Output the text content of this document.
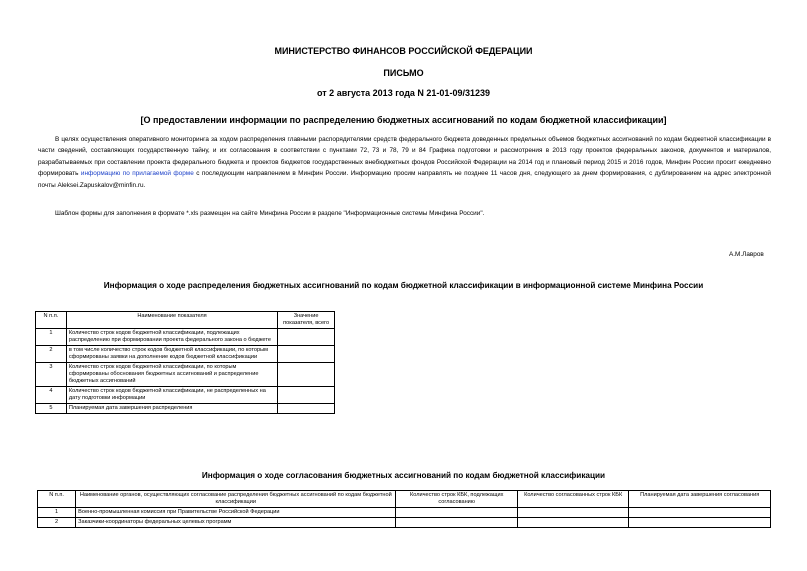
МИНИСТЕРСТВО ФИНАНСОВ РОССИЙСКОЙ ФЕДЕРАЦИИ
ПИСЬМО
от 2 августа 2013 года N 21-01-09/31239
[О предоставлении информации по распределению бюджетных ассигнований по кодам бюджетной классификации]
В целях осуществления оперативного мониторинга за ходом распределения главными распорядителями средств федерального бюджета доведенных предельных объемов бюджетных ассигнований по кодам бюджетной классификации в части сведений, составляющих государственную тайну, и их согласования в соответствии с пунктами 72, 73 и 78, 79 и 84 Графика подготовки и рассмотрения в 2013 году проектов федеральных законов, документов и материалов, разрабатываемых при составлении проекта федерального бюджета и проектов бюджетов государственных внебюджетных фондов Российской Федерации на 2014 год и плановый период 2015 и 2016 годов, Минфин России просит ежедневно формировать информацию по прилагаемой форме с последующим направлением в Минфин России. Информацию просим направлять не позднее 11 часов дня, следующего за днем формирования, с дублированием на адрес электронной почты Aleksei.Zapuskalov@minfin.ru.
Шаблон формы для заполнения в формате *.xls размещен на сайте Минфина России в разделе "Информационные системы Минфина России".
А.М.Лавров
Информация о ходе распределения бюджетных ассигнований по кодам бюджетной классификации в информационной системе Минфина России
N п.п.	Наименование показателя	Значение показателя, всего
1	Количество строк кодов бюджетной классификации, подлежащих распределению при формировании проекта федерального закона о бюджете	
2	в том числе количество строк кодов бюджетной классификации, по которым сформированы заявки на дополнение кодов бюджетной классификации	
3	Количество строк кодов бюджетной классификации, по которым сформированы обоснования бюджетных ассигнований и распределение бюджетных ассигнований	
4	Количество строк кодов бюджетной классификации, не распределенных на дату подготовки информации	
5	Планируемая дата завершения распределения	
Информация о ходе согласования бюджетных ассигнований по кодам бюджетной классификации
N п.п.	Наименование органов, осуществляющих согласование распределения бюджетных ассигнований по кодам бюджетной классификации	Количество строк КБК, подлежащих согласованию	Количество согласованных строк КБК	Планируемая дата завершения согласования
1	Военно-промышленная комиссия при Правительстве Российской Федерации			
2	Заказчики-координаторы федеральных целевых программ			
